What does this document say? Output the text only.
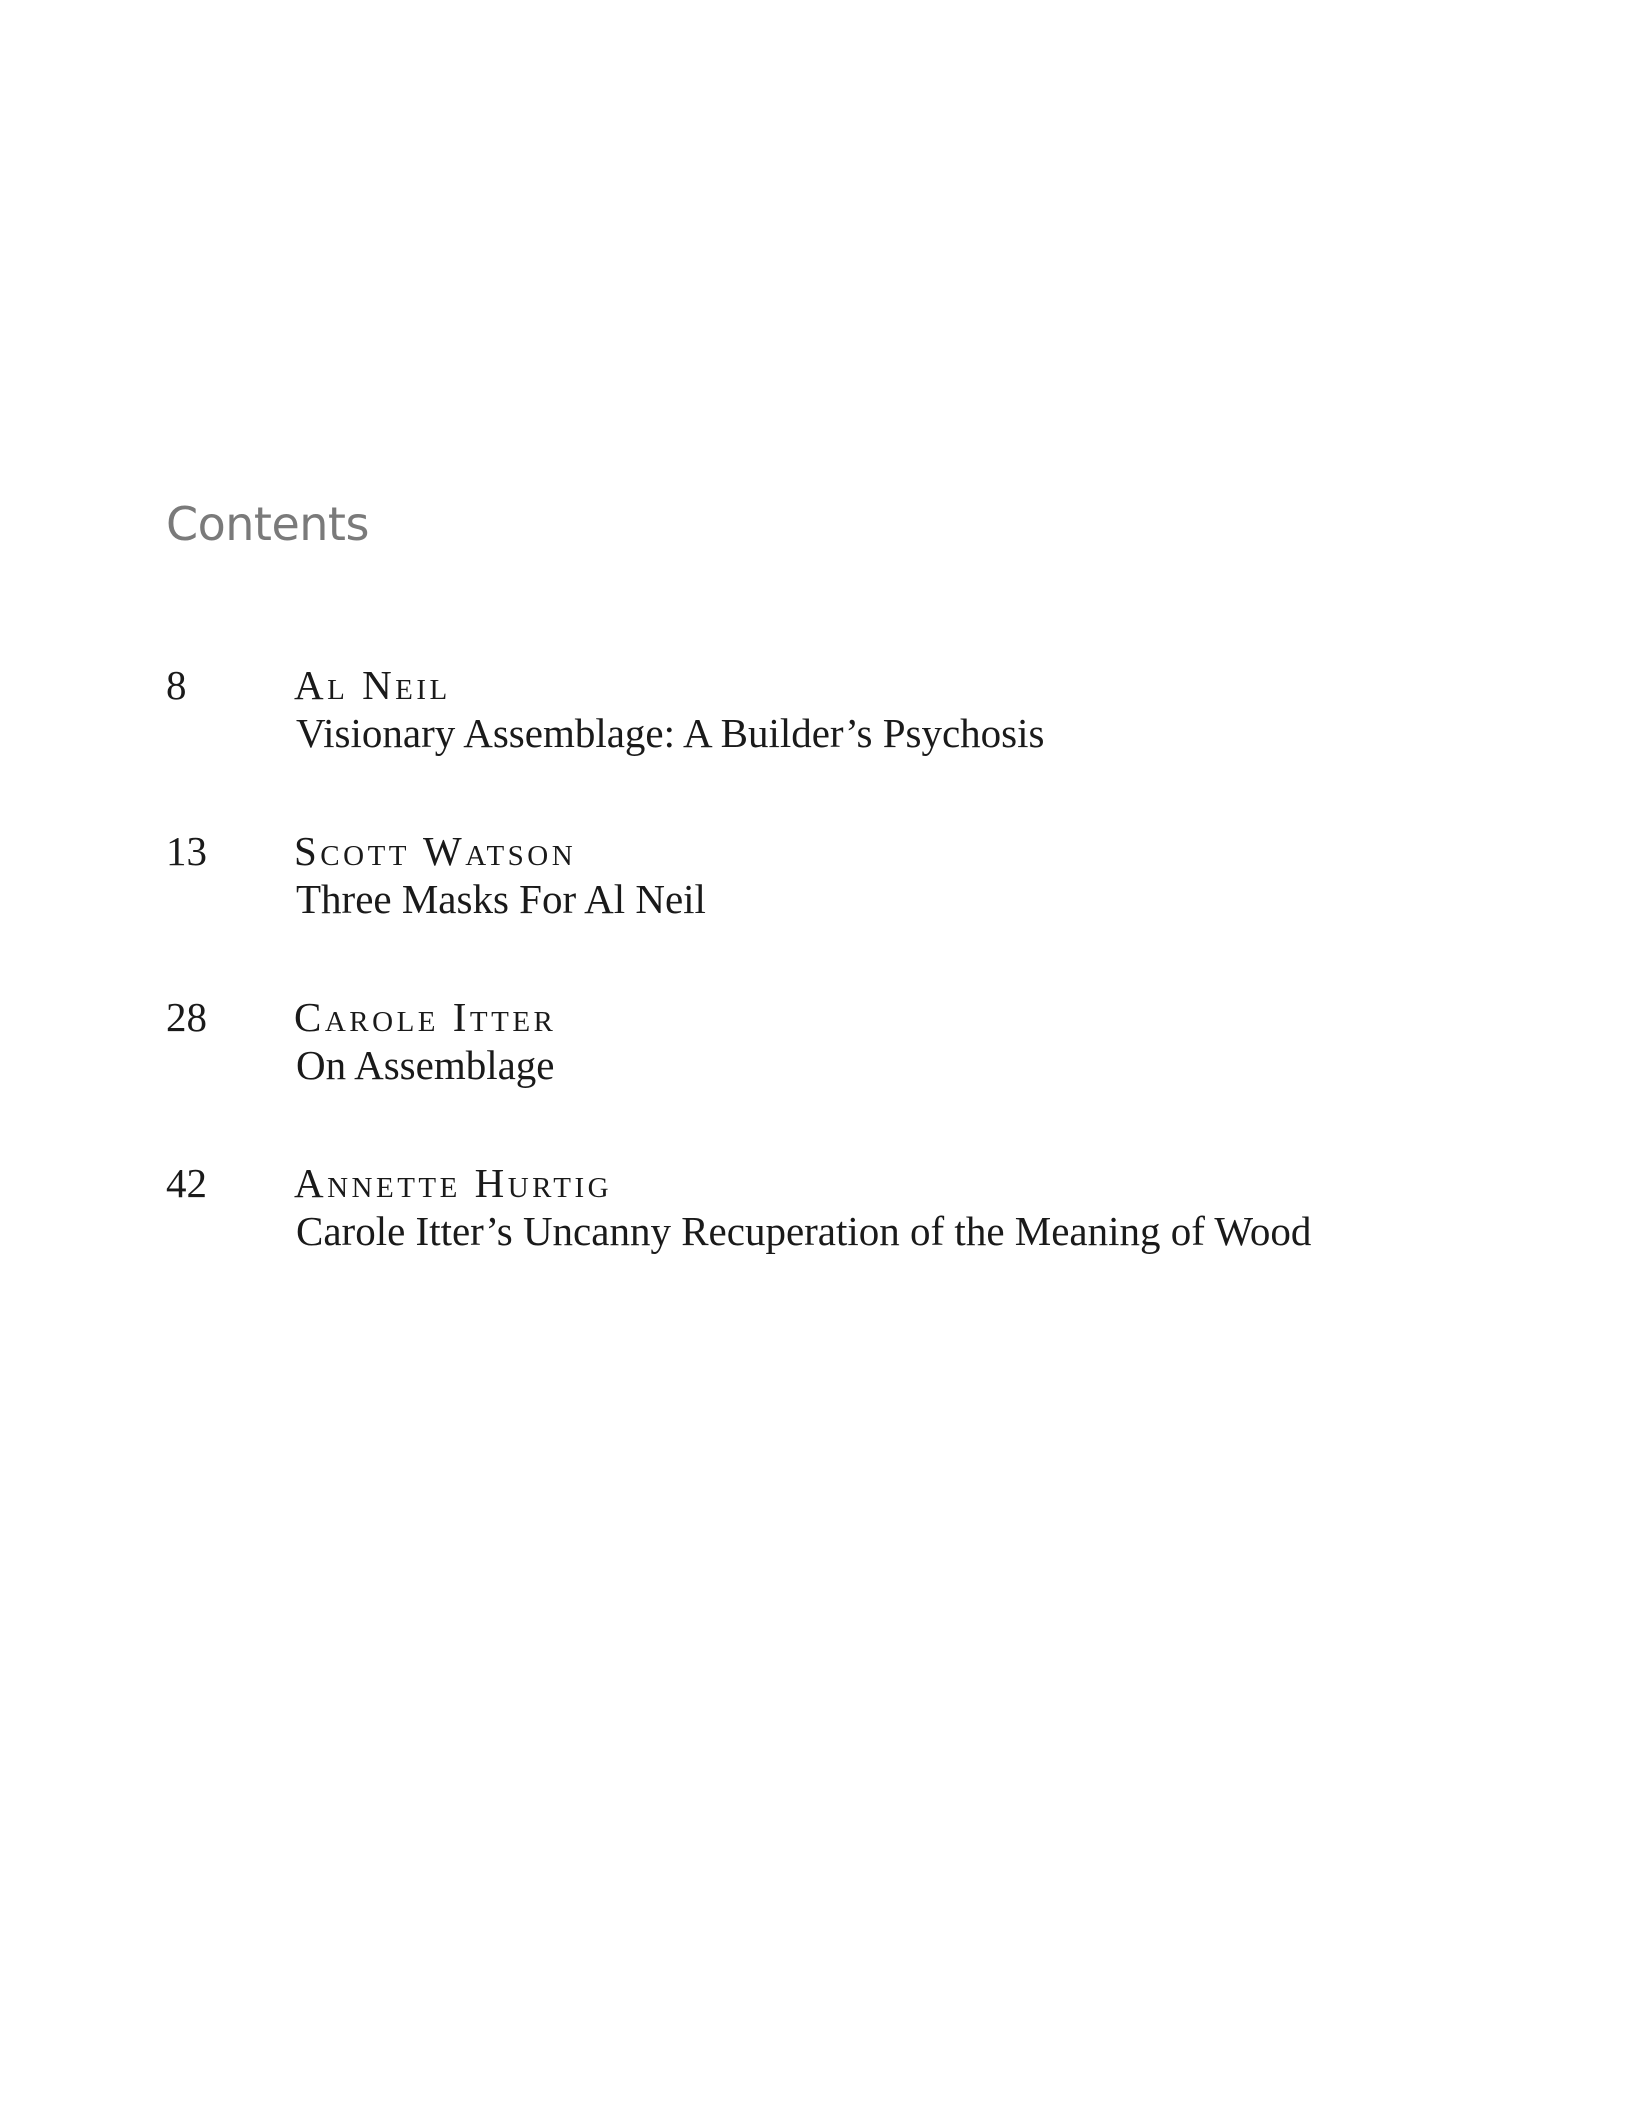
Contents
8	Al Neil
Visionary Assemblage: A Builder’s Psychosis
13 Scott Watson
Three Masks For Al Neil
28 Carole Itter
On Assemblage
42 Annette Hurtig
Carole Itter’s Uncanny Recuperation of the Meaning of Wood
